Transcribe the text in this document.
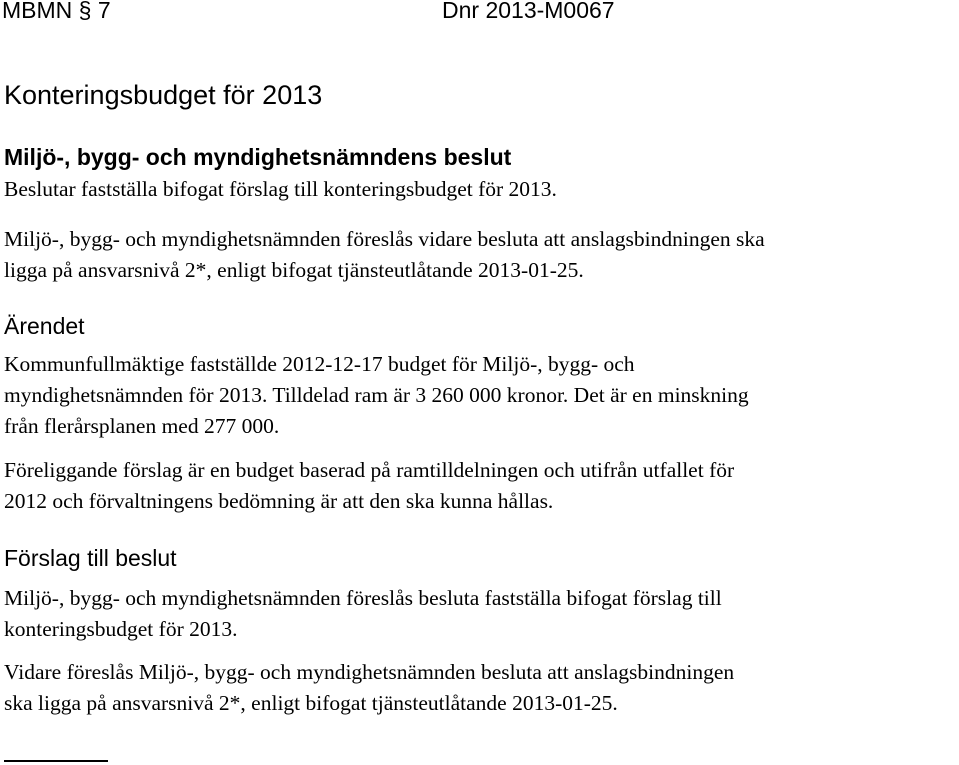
MBMN § 7	Dnr 2013-M0067
Konteringsbudget för 2013
Miljö-, bygg- och myndighetsnämndens beslut
Beslutar fastställa bifogat förslag till konteringsbudget för 2013.
Miljö-, bygg- och myndighetsnämnden föreslås vidare besluta att anslagsbindningen ska
ligga på ansvarsnivå 2*, enligt bifogat tjänsteutlåtande 2013-01-25.
Ärendet
Kommunfullmäktige fastställde 2012-12-17 budget för Miljö-, bygg- och
myndighetsnämnden för 2013. Tilldelad ram är 3 260 000 kronor. Det är en minskning
från flerårsplanen med 277 000.
Föreliggande förslag är en budget baserad på ramtilldelningen och utifrån utfallet för
2012 och förvaltningens bedömning är att den ska kunna hållas.
Förslag till beslut
Miljö-, bygg- och myndighetsnämnden föreslås besluta fastställa bifogat förslag till
konteringsbudget för 2013.
Vidare föreslås Miljö-, bygg- och myndighetsnämnden besluta att anslagsbindningen
ska ligga på ansvarsnivå 2*, enligt bifogat tjänsteutlåtande 2013-01-25.
